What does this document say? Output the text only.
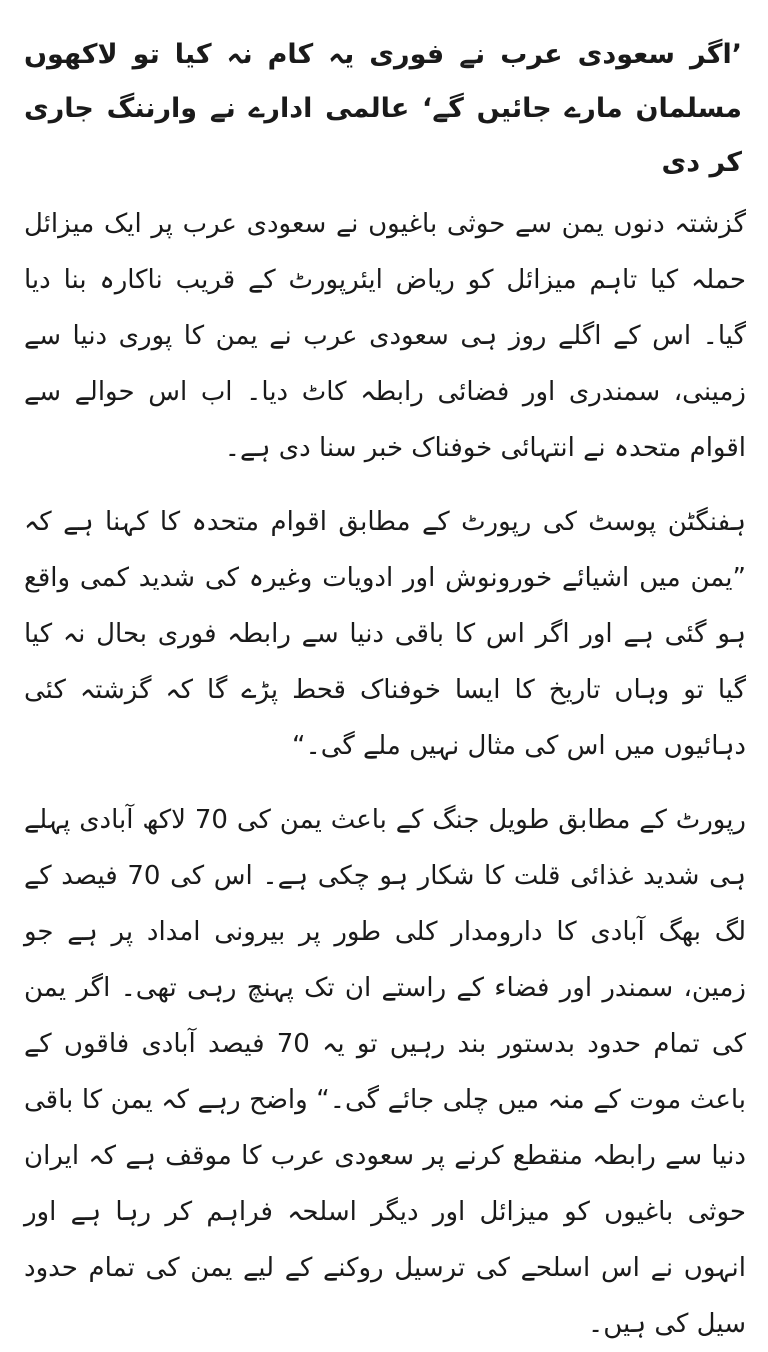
’اگر سعودی عرب نے فوری یہ کام نہ کیا تو لاکھوں مسلمان مارے جائیں گے‘ عالمی ادارے نے وارننگ جاری کر دی

گزشتہ دنوں یمن سے حوثی باغیوں نے سعودی عرب پر ایک میزائل حملہ کیا تاہم میزائل کو ریاض ایئرپورٹ کے قریب ناکارہ بنا دیا گیا۔ اس کے اگلے روز ہی سعودی عرب نے یمن کا پوری دنیا سے زمینی، سمندری اور فضائی رابطہ کاٹ دیا۔ اب اس حوالے سے اقوام متحدہ نے انتہائی خوفناک خبر سنا دی ہے۔

ہفنگٹن پوسٹ کی رپورٹ کے مطابق اقوام متحدہ کا کہنا ہے کہ ”یمن میں اشیائے خورونوش اور ادویات وغیرہ کی شدید کمی واقع ہو گئی ہے اور اگر اس کا باقی دنیا سے رابطہ فوری بحال نہ کیا گیا تو وہاں تاریخ کا ایسا خوفناک قحط پڑے گا کہ گزشتہ کئی دہائیوں میں اس کی مثال نہیں ملے گی۔“

رپورٹ کے مطابق طویل جنگ کے باعث یمن کی 70 لاکھ آبادی پہلے ہی شدید غذائی قلت کا شکار ہو چکی ہے۔ اس کی 70 فیصد کے لگ بھگ آبادی کا دارومدار کلی طور پر بیرونی امداد پر ہے جو زمین، سمندر اور فضاء کے راستے ان تک پہنچ رہی تھی۔ اگر یمن کی تمام حدود بدستور بند رہیں تو یہ 70 فیصد آبادی فاقوں کے باعث موت کے منہ میں چلی جائے گی۔“ واضح رہے کہ یمن کا باقی دنیا سے رابطہ منقطع کرنے پر سعودی عرب کا موقف ہے کہ ایران حوثی باغیوں کو میزائل اور دیگر اسلحہ فراہم کر رہا ہے اور انہوں نے اس اسلحے کی ترسیل روکنے کے لیے یمن کی تمام حدود سیل کی ہیں۔
